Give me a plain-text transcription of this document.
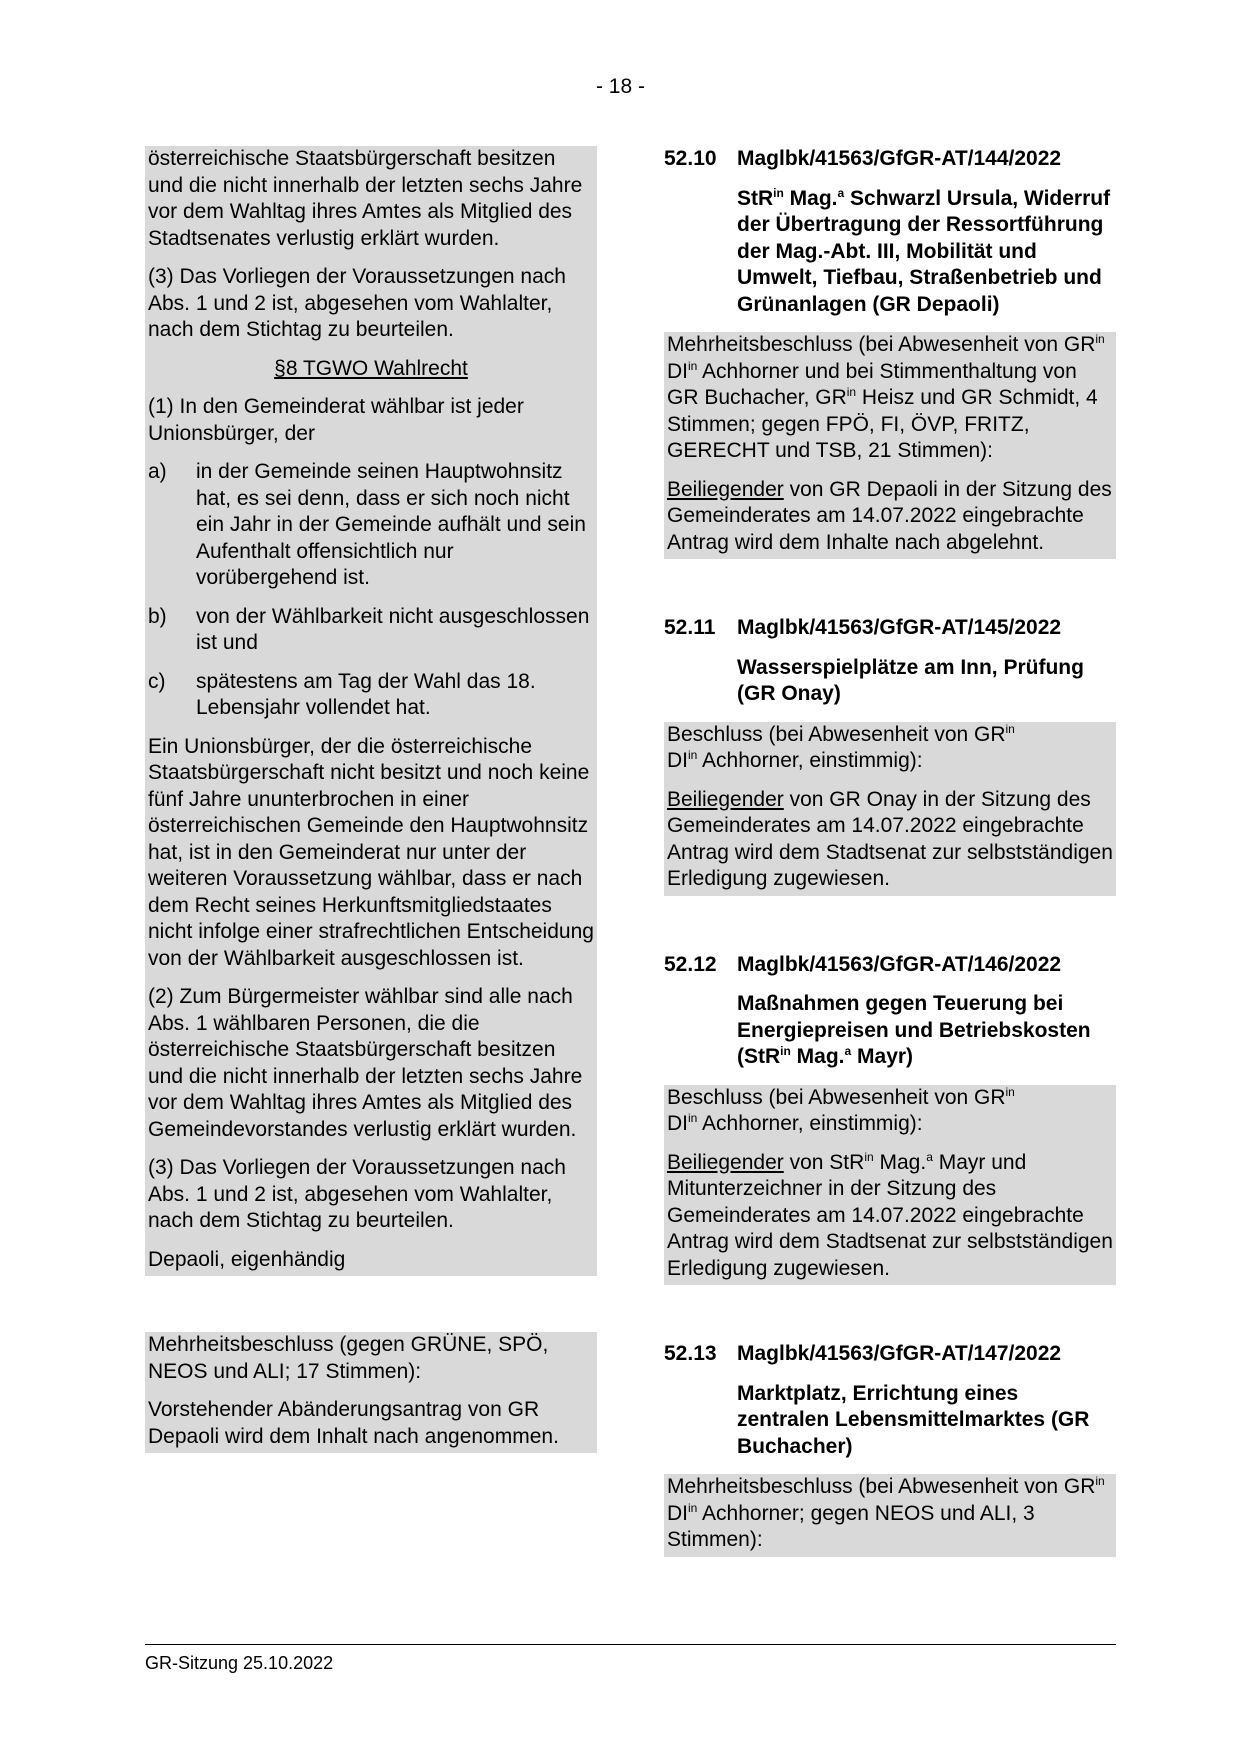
- 18 -

österreichische Staatsbürgerschaft besitzen und die nicht innerhalb der letzten sechs Jahre vor dem Wahltag ihres Amtes als Mitglied des Stadtsenates verlustig erklärt wurden.

(3) Das Vorliegen der Voraussetzungen nach Abs. 1 und 2 ist, abgesehen vom Wahlalter, nach dem Stichtag zu beurteilen.

§8 TGWO Wahlrecht

(1) In den Gemeinderat wählbar ist jeder Unionsbürger, der

a)	in der Gemeinde seinen Hauptwohnsitz hat, es sei denn, dass er sich noch nicht ein Jahr in der Gemeinde aufhält und sein Aufenthalt offensichtlich nur vorübergehend ist.
b)	von der Wählbarkeit nicht ausgeschlossen ist und
c)	spätestens am Tag der Wahl das 18. Lebensjahr vollendet hat.

Ein Unionsbürger, der die österreichische Staatsbürgerschaft nicht besitzt und noch keine fünf Jahre ununterbrochen in einer österreichischen Gemeinde den Hauptwohnsitz hat, ist in den Gemeinderat nur unter der weiteren Voraussetzung wählbar, dass er nach dem Recht seines Herkunftsmitgliedstaates nicht infolge einer strafrechtlichen Entscheidung von der Wählbarkeit ausgeschlossen ist.

(2) Zum Bürgermeister wählbar sind alle nach Abs. 1 wählbaren Personen, die die österreichische Staatsbürgerschaft besitzen und die nicht innerhalb der letzten sechs Jahre vor dem Wahltag ihres Amtes als Mitglied des Gemeindevorstandes verlustig erklärt wurden.

(3) Das Vorliegen der Voraussetzungen nach Abs. 1 und 2 ist, abgesehen vom Wahlalter, nach dem Stichtag zu beurteilen.

Depaoli, eigenhändig

Mehrheitsbeschluss (gegen GRÜNE, SPÖ, NEOS und ALI; 17 Stimmen):

Vorstehender Abänderungsantrag von GR Depaoli wird dem Inhalt nach angenommen.

52.10 Maglbk/41563/GfGR-AT/144/2022
StR$^{in}$ Mag.$^a$ Schwarzl Ursula, Widerruf der Übertragung der Ressortführung der Mag.-Abt. III, Mobilität und Umwelt, Tiefbau, Straßenbetrieb und Grünanlagen (GR Depaoli)

Mehrheitsbeschluss (bei Abwesenheit von $GR^{in}$ $DI^{in}$ Achhorner und bei Stimmenthaltung von GR Buchacher, $GR^{in}$ Heisz und GR Schmidt, 4 Stimmen; gegen FPÖ, FI, ÖVP, FRITZ, GERECHT und TSB, 21 Stimmen):

Beiliegender von GR Depaoli in der Sitzung des Gemeinderates am 14.07.2022 eingebrachte Antrag wird dem Inhalte nach abgelehnt.

52.11	Maglbk/41563/GfGR-AT/145/2022
Wasserspielplätze am Inn, Prüfung (GR Onay)

Beschluss (bei Abwesenheit von $GR^{in}$
$DI^{in}$ Achhorner, einstimmig):

Beiliegender von GR Onay in der Sitzung des Gemeinderates am 14.07.2022 eingebrachte Antrag wird dem Stadtsenat zur selbstständigen Erledigung zugewiesen.

52.12 Maglbk/41563/GfGR-AT/146/2022
Maßnahmen gegen Teuerung bei Energiepreisen und Betriebskosten (StR$^{in}$ Mag.$^a$ Mayr)

Beschluss (bei Abwesenheit von $GR^{in}$
$DI^{in}$ Achhorner, einstimmig):

Beiliegender von StR$^{in}$ Mag.$^a$ Mayr und Mitunterzeichner in der Sitzung des Gemeinderates am 14.07.2022 eingebrachte Antrag wird dem Stadtsenat zur selbstständigen Erledigung zugewiesen.

52.13 Maglbk/41563/GfGR-AT/147/2022
Marktplatz, Errichtung eines zentralen Lebensmittelmarktes (GR Buchacher)

Mehrheitsbeschluss (bei Abwesenheit von $GR^{in}$ $DI^{in}$ Achhorner; gegen NEOS und ALI, 3 Stimmen):

GR-Sitzung 25.10.2022
